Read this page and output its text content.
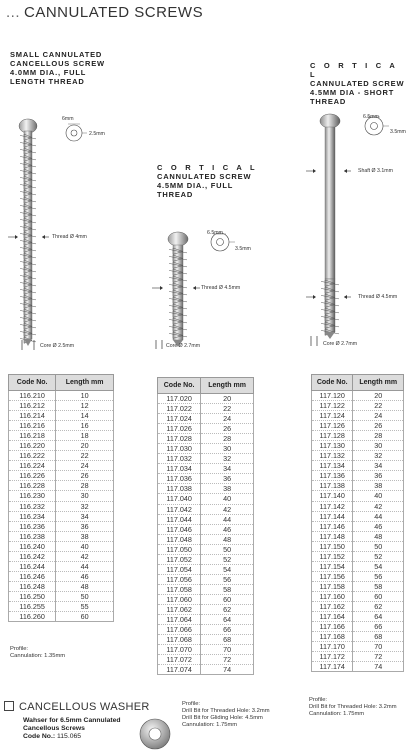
... CANNULATED SCREWS
SMALL CANNULATED
CANCELLOUS SCREW
4.0MM DIA., FULL
LENGTH THREAD
6mm
2.5mm
Thread Ø 4mm
Core Ø 2.5mm
Code No.	Length mm
116.210	10
116.212	12
116.214	14
116.216	16
116.218	18
116.220	20
116.222	22
116.224	24
116.226	26
116.228	28
116.230	30
116.232	32
116.234	34
116.236	36
116.238	38
116.240	40
116.242	42
116.244	44
116.246	46
116.248	48
116.250	50
116.255	55
116.260	60
Profile:
Cannulation: 1.35mm
C O R T I C A L
CANNULATED SCREW
4.5MM DIA., FULL
THREAD
6.5mm
3.5mm
Thread Ø 4.5mm
Core Ø 2.7mm
Code No.	Length mm
117.020	20
117.022	22
117.024	24
117.026	26
117.028	28
117.030	30
117.032	32
117.034	34
117.036	36
117.038	38
117.040	40
117.042	42
117.044	44
117.046	46
117.048	48
117.050	50
117.052	52
117.054	54
117.056	56
117.058	58
117.060	60
117.062	62
117.064	64
117.066	66
117.068	68
117.070	70
117.072	72
117.074	74
Profile:
Drill Bit for Threaded Hole: 3.2mm
Drill Bit for Gliding Hole: 4.5mm
Cannulation: 1.75mm
C O R T I C A L
CANNULATED SCREW
4.5MM DIA - SHORT
THREAD
6.5mm
3.5mm
Shaft Ø 3.1mm
Thread Ø 4.5mm
Core Ø 2.7mm
Code No.	Length mm
117.120	20
117.122	22
117.124	24
117.126	26
117.128	28
117.130	30
117.132	32
117.134	34
117.136	36
117.138	38
117.140	40
117.142	42
117.144	44
117.146	46
117.148	48
117.150	50
117.152	52
117.154	54
117.156	56
117.158	58
117.160	60
117.162	62
117.164	64
117.166	66
117.168	68
117.170	70
117.172	72
117.174	74
Profile:
Drill Bit for Threaded Hole: 3.2mm
Cannulation: 1.75mm
CANCELLOUS WASHER
Wahser for 6.5mm Cannulated
Cancellous Screws
Code No.: 115.065
